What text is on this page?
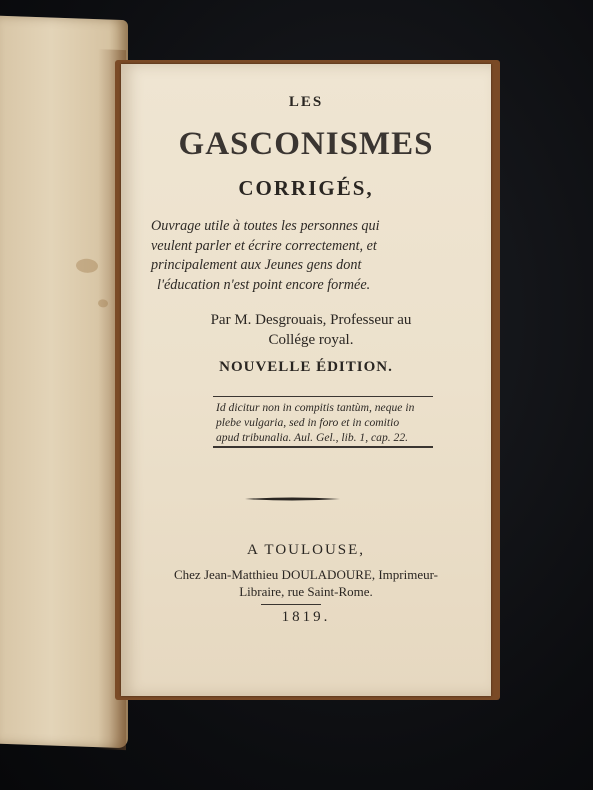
LES
GASCONISMES
CORRIGÉS,
Ouvrage utile à toutes les personnes qui
veulent parler et écrire correctement, et
principalement aux Jeunes gens dont
l'éducation n'est point encore formée.
Par M. Desgrouais, Professeur au
Collége royal.
NOUVELLE ÉDITION.
Id dicitur non in compitis tantùm, neque in
plebe vulgaria, sed in foro et in comitio
apud tribunalia. Aul. Gel., lib. 1, cap. 22.
A TOULOUSE,
Chez Jean-Matthieu DOULADOURE, Imprimeur-
Libraire, rue Saint-Rome.
1819.
